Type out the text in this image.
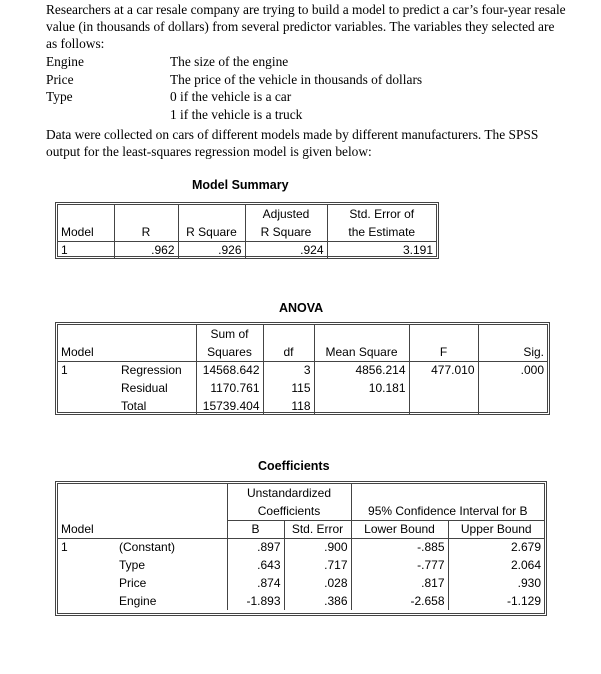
Researchers at a car resale company are trying to build a model to predict a car’s four-year resale

value (in thousands of dollars) from several predictor variables. The variables they selected are

as follows:

Engine	The size of the engine
Price	The price of the vehicle in thousands of dollars
Type	0 if the vehicle is a car
1 if the vehicle is a truck

Data were collected on cars of different models made by different manufacturers. The SPSS

output for the least-squares regression model is given below:

Model Summary
			Adjusted	Std. Error of
Model	R	R Square	R Square	the Estimate
1	.962	.926	.924	3.191
ANOVA
		Sum of				
Model		Squares	df	Mean Square	F	Sig.
1	Regression	14568.642	3	4856.214	477.010	.000
	Residual	1170.761	115	10.181		
	Total	15739.404	118			
Coefficients
		Unstandardized			
		Coefficients		95% Confidence Interval for B	
Model		B	Std. Error	Lower Bound	Upper Bound
1	(Constant)	.897	.900	-.885	2.679
	Type	.643	.717	-.777	2.064
	Price	.874	.028	.817	.930
	Engine	-1.893	.386	-2.658	-1.129
